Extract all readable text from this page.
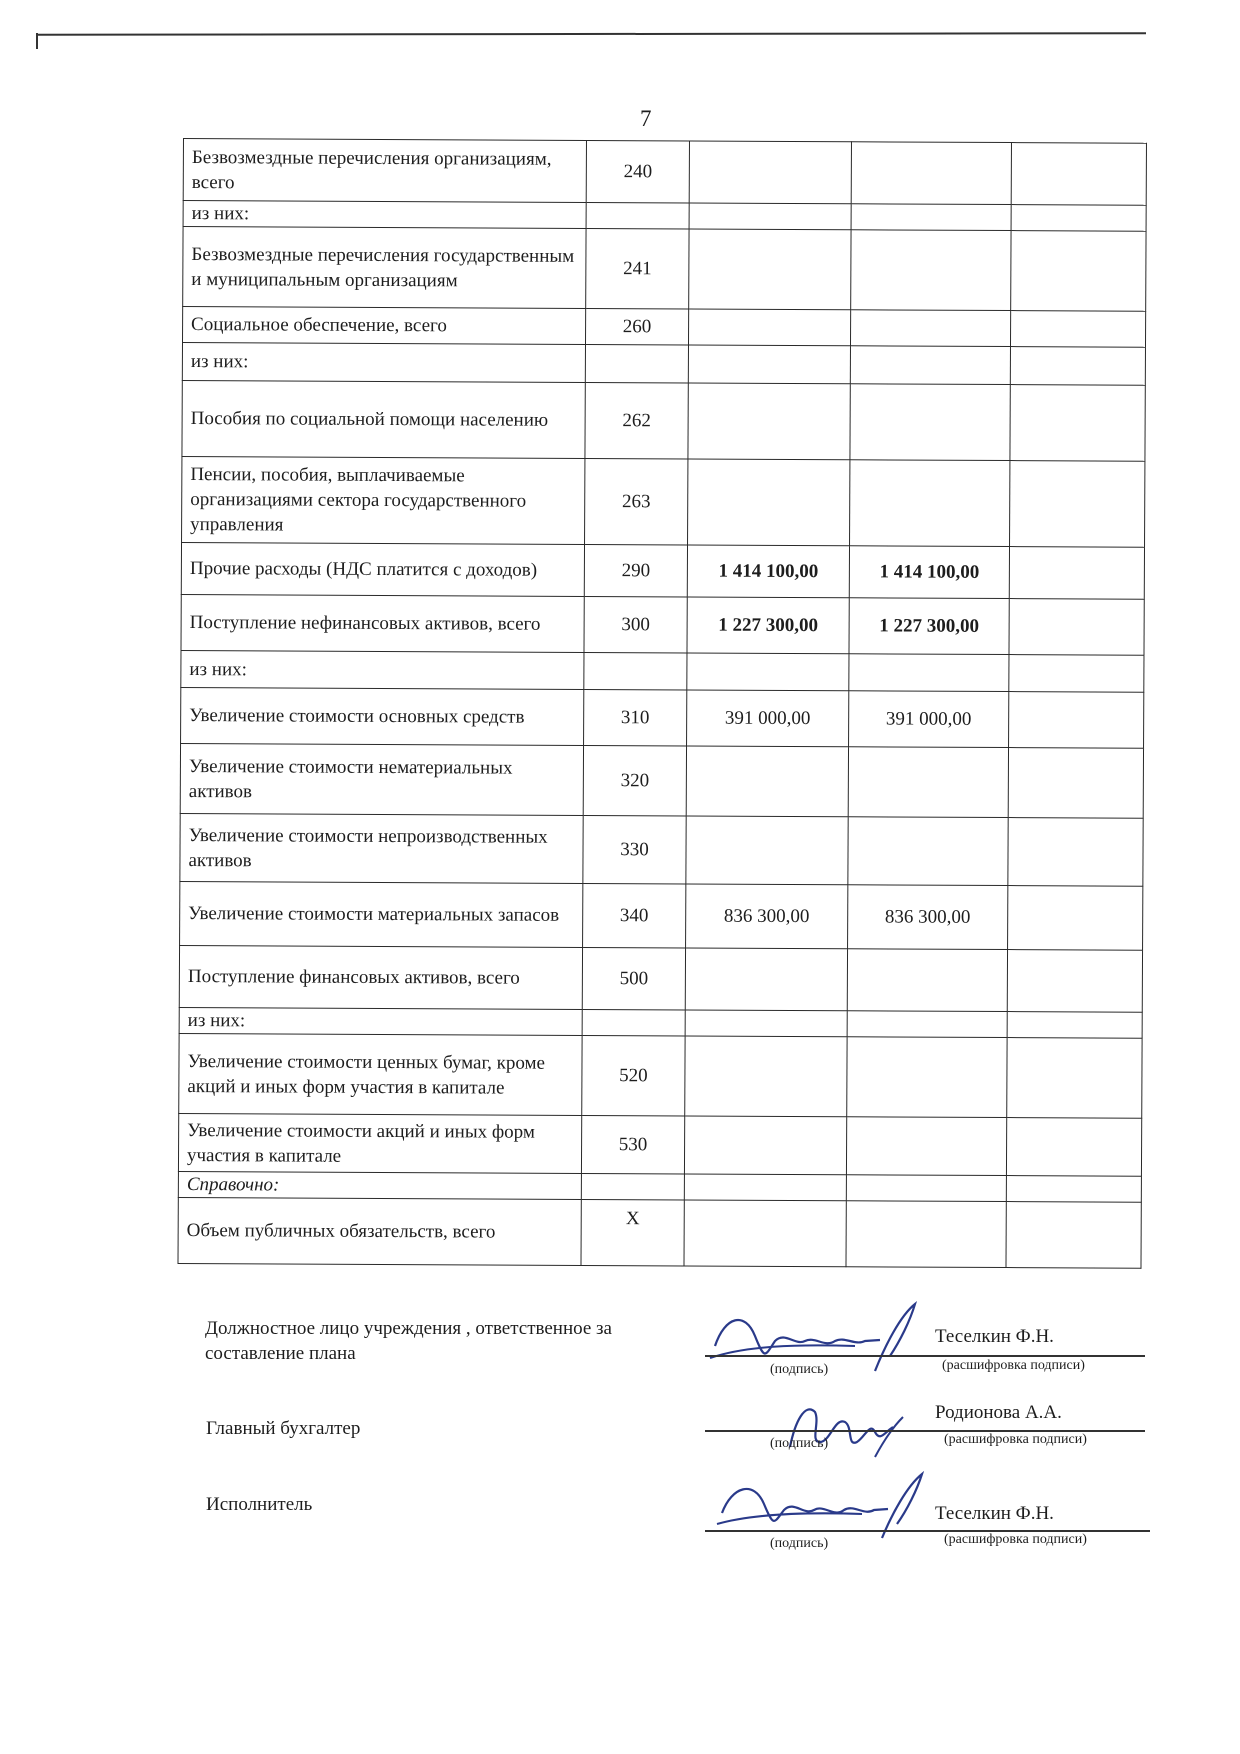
7
Безвозмездные перечисления организациям, всего	240			
из них:				
Безвозмездные перечисления государственным и муниципальным организациям	241			
Социальное обеспечение, всего	260			
из них:				
Пособия по социальной помощи населению	262			
Пенсии, пособия, выплачиваемые организациями сектора государственного управления	263			
Прочие расходы (НДС платится с доходов)	290	1 414 100,00	1 414 100,00	
Поступление нефинансовых активов, всего	300	1 227 300,00	1 227 300,00	
из них:				
Увеличение стоимости основных средств	310	391 000,00	391 000,00	
Увеличение стоимости нематериальных активов	320			
Увеличение стоимости непроизводственных активов	330			
Увеличение стоимости материальных запасов	340	836 300,00	836 300,00	
Поступление финансовых активов, всего	500			
из них:				
Увеличение стоимости ценных бумаг, кроме акций и иных форм участия в капитале	520			
Увеличение стоимости акций и иных форм участия в капитале	530			
Справочно:				
Объем публичных обязательств, всего	X			
Должностное лицо учреждения , ответственное за составление плана
Теселкин Ф.Н.
(подпись)	(расшифровка подписи)
Главный бухгалтер
Родионова А.А.
(подпись)	(расшифровка подписи)
Исполнитель	Теселкин Ф.Н.
(подпись)	(расшифровка подписи)
